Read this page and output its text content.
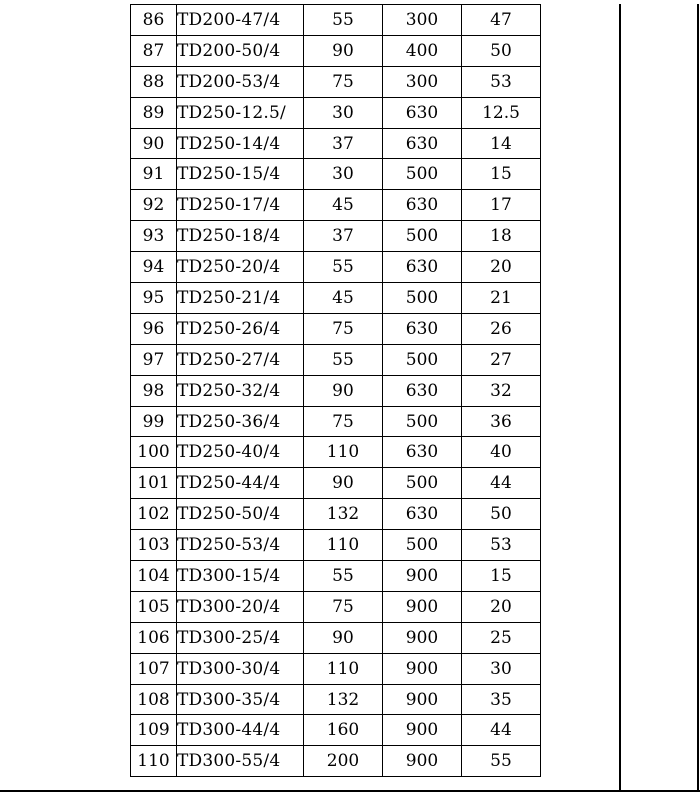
86	TD200-47/4	55	300	47
87	TD200-50/4	90	400	50
88	TD200-53/4	75	300	53
89	TD250-12.5/	30	630	12.5
90	TD250-14/4	37	630	14
91	TD250-15/4	30	500	15
92	TD250-17/4	45	630	17
93	TD250-18/4	37	500	18
94	TD250-20/4	55	630	20
95	TD250-21/4	45	500	21
96	TD250-26/4	75	630	26
97	TD250-27/4	55	500	27
98	TD250-32/4	90	630	32
99	TD250-36/4	75	500	36
100	TD250-40/4	110	630	40
101	TD250-44/4	90	500	44
102	TD250-50/4	132	630	50
103	TD250-53/4	110	500	53
104	TD300-15/4	55	900	15
105	TD300-20/4	75	900	20
106	TD300-25/4	90	900	25
107	TD300-30/4	110	900	30
108	TD300-35/4	132	900	35
109	TD300-44/4	160	900	44
110	TD300-55/4	200	900	55
